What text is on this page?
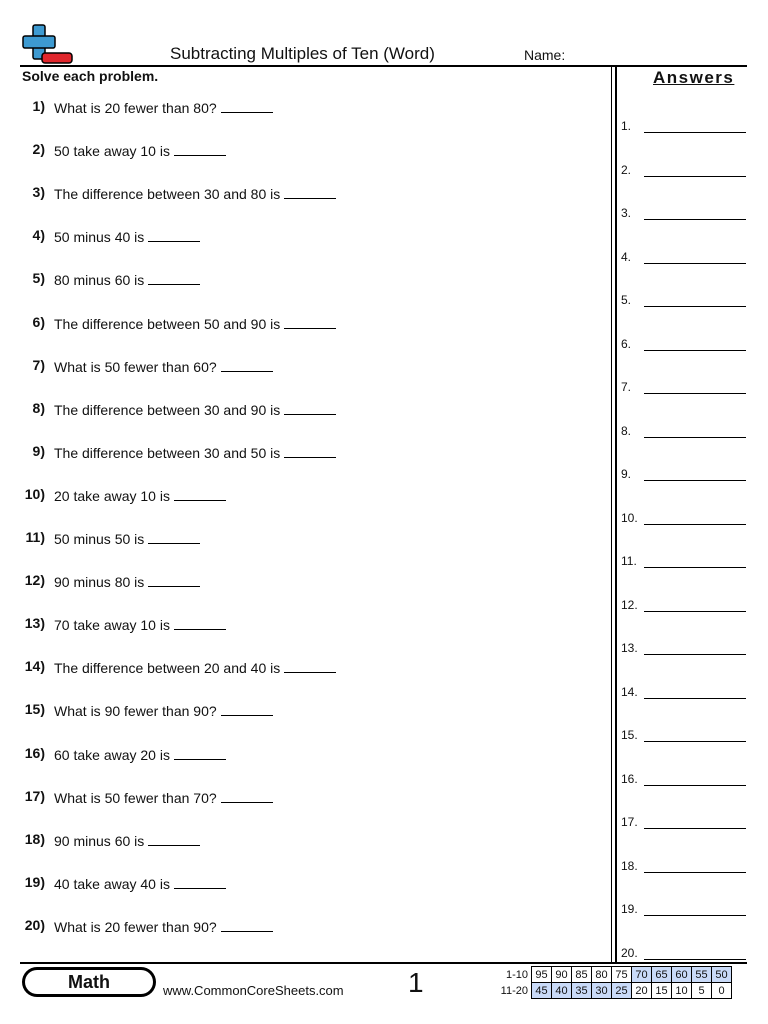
Subtracting Multiples of Ten (Word)	Name:
Solve each problem.
1) What is 20 fewer than 80?
2) 50 take away 10 is
3) The difference between 30 and 80 is
4) 50 minus 40 is
5) 80 minus 60 is
6) The difference between 50 and 90 is
7) What is 50 fewer than 60?
8) The difference between 30 and 90 is
9) The difference between 30 and 50 is
10) 20 take away 10 is
11) 50 minus 50 is
12) 90 minus 80 is
13) 70 take away 10 is
14) The difference between 20 and 40 is
15) What is 90 fewer than 90?
16) 60 take away 20 is
17) What is 50 fewer than 70?
18) 90 minus 60 is
19) 40 take away 40 is
20) What is 20 fewer than 90?
Answers
1.
2.
3.
4.
5.
6.
7.
8.
9.
10.
11.
12.
13.
14.
15.
16.
17.
18.
19.
20.
Math	www.CommonCoreSheets.com 1	1-10	95	90	85	80	75	70	65	60	55	50
11-20	45	40	35	30	25	20	15	10	5	0
